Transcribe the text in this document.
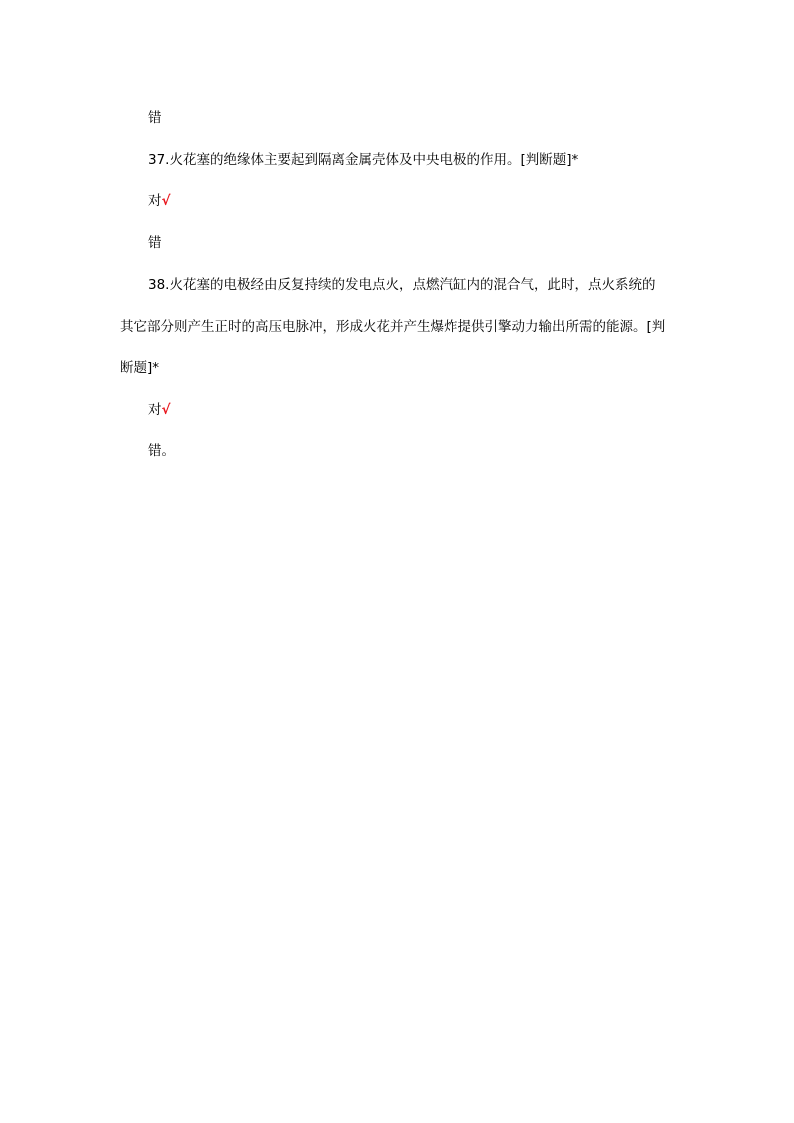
错
37.火花塞的绝缘体主要起到隔离金属壳体及中央电极的作用。[判断题]*
对√
错
38.火花塞的电极经由反复持续的发电点火，点燃汽缸内的混合气，此时，点火系统的
其它部分则产生正时的高压电脉冲，形成火花并产生爆炸提供引擎动力输出所需的能源。[判
断题]*
对√
错。
